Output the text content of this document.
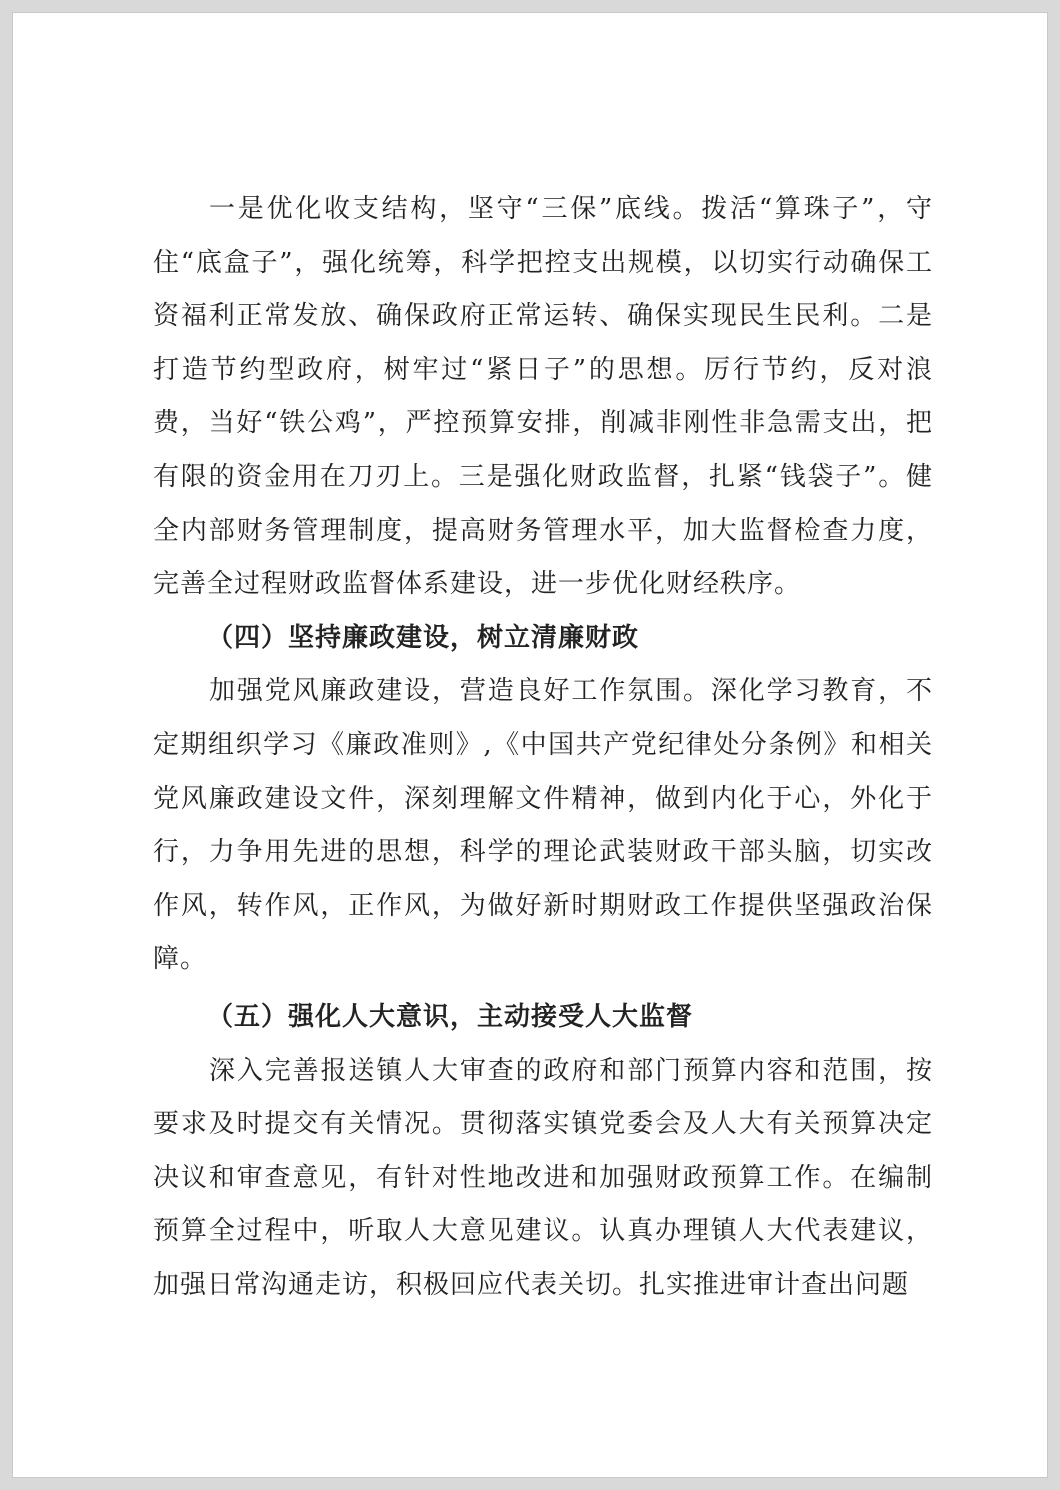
一是优化收支结构，坚守“三保”底线。拨活“算珠子”，守住“底盒子”，强化统筹，科学把控支出规模，以切实行动确保工资福利正常发放、确保政府正常运转、确保实现民生民利。二是打造节约型政府，树牢过“紧日子”的思想。厉行节约，反对浪费，当好“铁公鸡”，严控预算安排，削减非刚性非急需支出，把有限的资金用在刀刃上。三是强化财政监督，扎紧“钱袋子”。健全内部财务管理制度，提高财务管理水平，加大监督检查力度，完善全过程财政监督体系建设，进一步优化财经秩序。

（四）坚持廉政建设，树立清廉财政

加强党风廉政建设，营造良好工作氛围。深化学习教育，不定期组织学习《廉政准则》,《中国共产党纪律处分条例》和相关党风廉政建设文件，深刻理解文件精神，做到内化于心，外化于行，力争用先进的思想，科学的理论武装财政干部头脑，切实改作风，转作风，正作风，为做好新时期财政工作提供坚强政治保障。

（五）强化人大意识，主动接受人大监督

深入完善报送镇人大审查的政府和部门预算内容和范围，按要求及时提交有关情况。贯彻落实镇党委会及人大有关预算决定决议和审查意见，有针对性地改进和加强财政预算工作。在编制预算全过程中，听取人大意见建议。认真办理镇人大代表建议，加强日常沟通走访，积极回应代表关切。扎实推进审计查出问题
